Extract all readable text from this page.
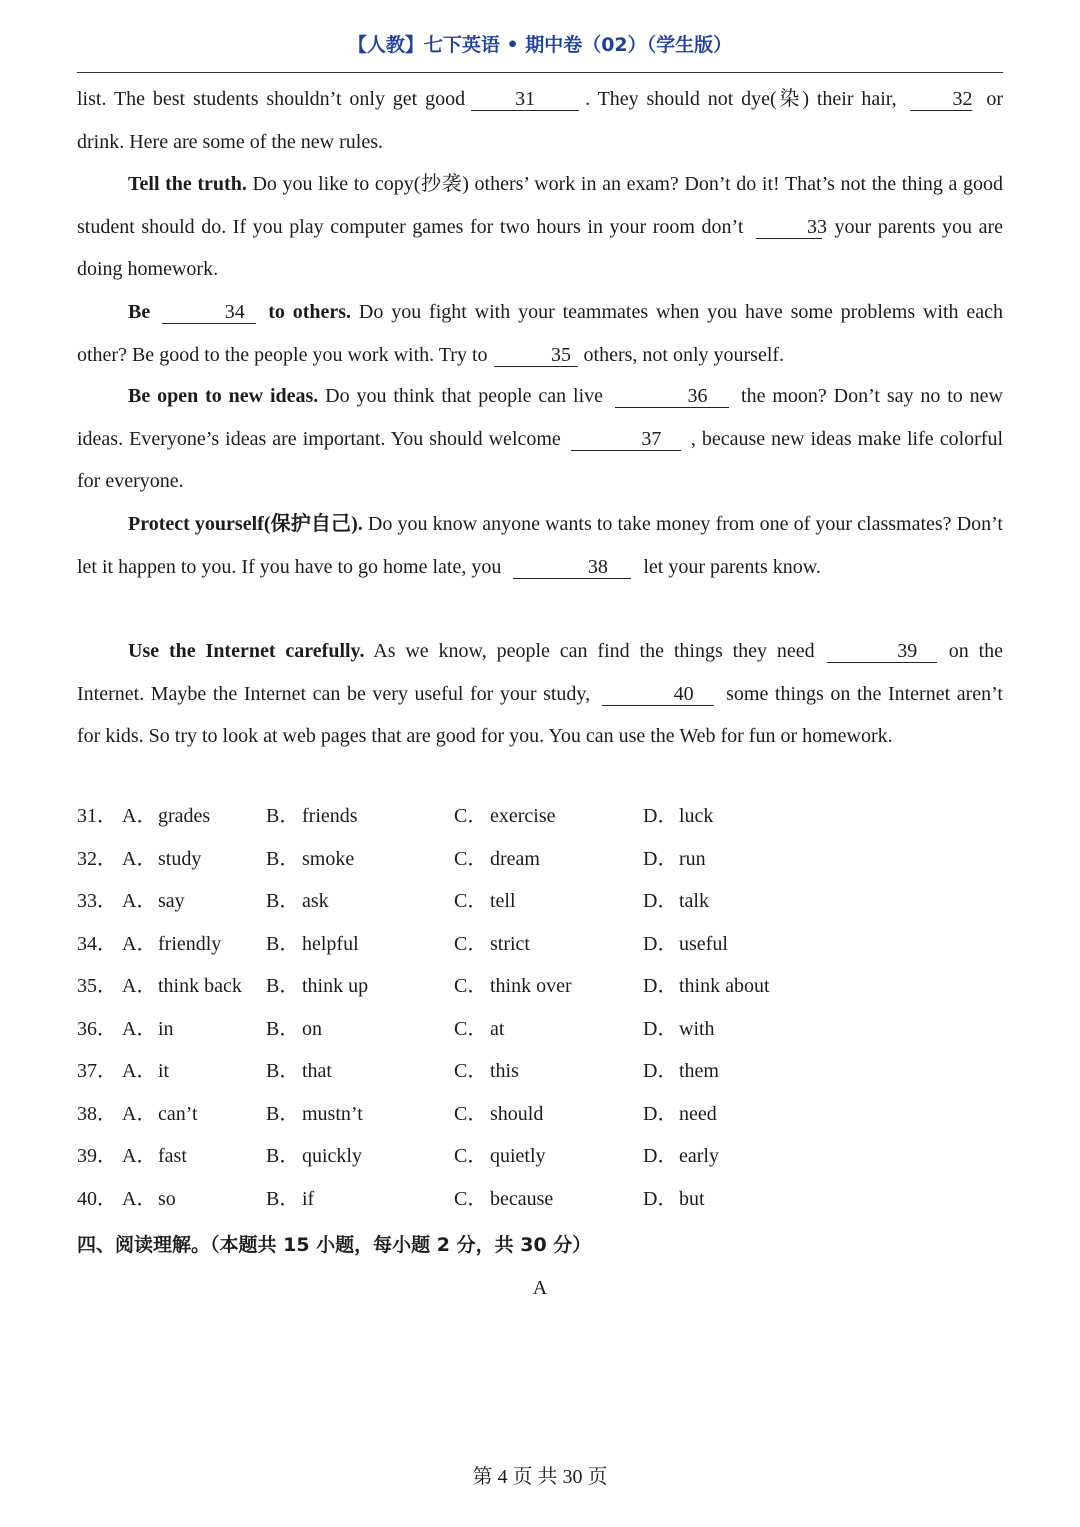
【人教】七下英语 • 期中卷（02）（学生版）
list. The best students shouldn’t only get good	31	. They should not dye(染) their hair,	32 or drink. Here are some of the new rules.
Tell the truth. Do you like to copy(抄袭) others’ work in an exam? Don’t do it! That’s not the thing a good student should do. If you play computer games for two hours in your room don’t	33 your parents you are doing homework.
Be	34 to others. Do you fight with your teammates when you have some problems with each other? Be good to the people you work with. Try to	35 others, not only yourself.
Be open to new ideas. Do you think that people can live	36 the moon? Don’t say no to new ideas. Everyone’s ideas are important. You should welcome	37 , because new ideas make life colorful for everyone.
Protect yourself(保护自己). Do you know anyone wants to take money from one of your classmates? Don’t let it happen to you. If you have to go home late, you	38 let your parents know.
Use the Internet carefully. As we know, people can find the things they need	39 on the Internet. Maybe the Internet can be very useful for your study,	40 some things on the Internet aren’t for kids. So try to look at web pages that are good for you. You can use the Web for fun or homework.
31． A．grades	B． friends	C． exercise	D．luck
32． A．study	B． smoke	C． dream	D．run
33． A．say	B． ask	C． tell	D．talk
34． A．friendly B． helpful	C． strict	D．useful
35． A．think back B． think up	C． think over	D．think about
36． A．in	B． on	C． at	D．with
37． A．it	B． that	C． this	D．them
38． A．can’t	B． mustn’t	C． should	D．need
39． A．fast	B． quickly	C． quietly	D．early
40． A．so	B． if	C． because	D．but
四、阅读理解。（本题共 15 小题，每小题 2 分，共 30 分）
A
第 4 页 共 30 页
